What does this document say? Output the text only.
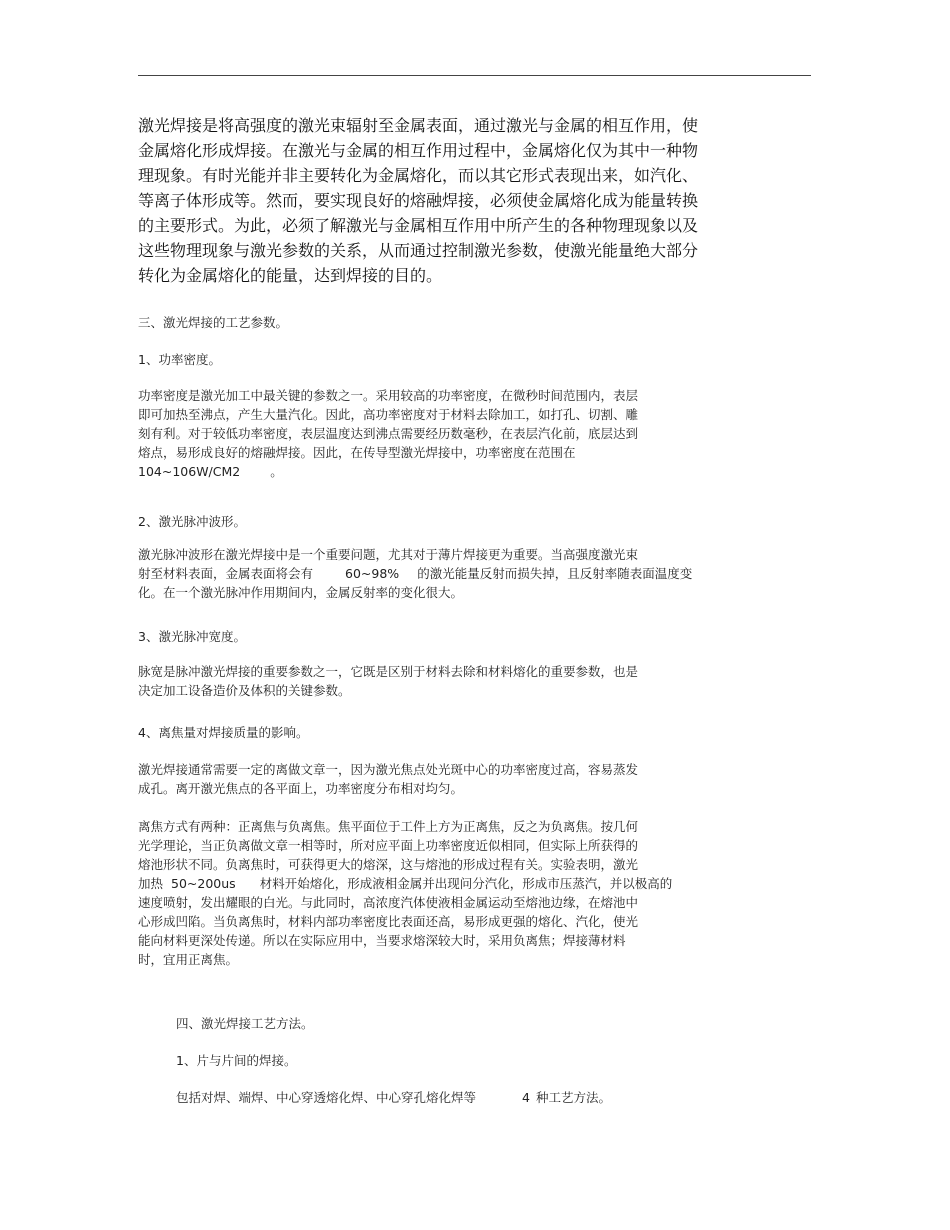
激光焊接是将高强度的激光束辐射至金属表面，通过激光与金属的相互作用，使
金属熔化形成焊接。在激光与金属的相互作用过程中，金属熔化仅为其中一种物
理现象。有时光能并非主要转化为金属熔化，而以其它形式表现出来，如汽化、
等离子体形成等。然而，要实现良好的熔融焊接，必须使金属熔化成为能量转换
的主要形式。为此，必须了解激光与金属相互作用中所产生的各种物理现象以及
这些物理现象与激光参数的关系，从而通过控制激光参数，使激光能量绝大部分
转化为金属熔化的能量，达到焊接的目的。
三、激光焊接的工艺参数。
1、功率密度。
功率密度是激光加工中最关键的参数之一。采用较高的功率密度，在微秒时间范围内，表层
即可加热至沸点，产生大量汽化。因此，高功率密度对于材料去除加工，如打孔、切割、雕
刻有利。对于较低功率密度，表层温度达到沸点需要经历数毫秒，在表层汽化前，底层达到
熔点，易形成良好的熔融焊接。因此，在传导型激光焊接中，功率密度在范围在
104~106W/CM2 。
2、激光脉冲波形。
激光脉冲波形在激光焊接中是一个重要问题，尤其对于薄片焊接更为重要。当高强度激光束
射至材料表面，金属表面将会有	60~98% 的激光能量反射而损失掉，且反射率随表面温度变
化。在一个激光脉冲作用期间内，金属反射率的变化很大。
3、激光脉冲宽度。
脉宽是脉冲激光焊接的重要参数之一，它既是区别于材料去除和材料熔化的重要参数，也是
决定加工设备造价及体积的关键参数。
4、离焦量对焊接质量的影响。
激光焊接通常需要一定的离做文章一，因为激光焦点处光斑中心的功率密度过高，容易蒸发
成孔。离开激光焦点的各平面上，功率密度分布相对均匀。
离焦方式有两种：正离焦与负离焦。焦平面位于工件上方为正离焦，反之为负离焦。按几何
光学理论，当正负离做文章一相等时，所对应平面上功率密度近似相同，但实际上所获得的
熔池形状不同。负离焦时，可获得更大的熔深，这与熔池的形成过程有关。实验表明，激光
加热 50~200us 材料开始熔化，形成液相金属并出现问分汽化，形成市压蒸汽，并以极高的
速度喷射，发出耀眼的白光。与此同时，高浓度汽体使液相金属运动至熔池边缘，在熔池中
心形成凹陷。当负离焦时，材料内部功率密度比表面还高，易形成更强的熔化、汽化，使光
能向材料更深处传递。所以在实际应用中，当要求熔深较大时，采用负离焦；焊接薄材料
时，宜用正离焦。
四、激光焊接工艺方法。
1、片与片间的焊接。
包括对焊、端焊、中心穿透熔化焊、中心穿孔熔化焊等	4 种工艺方法。
